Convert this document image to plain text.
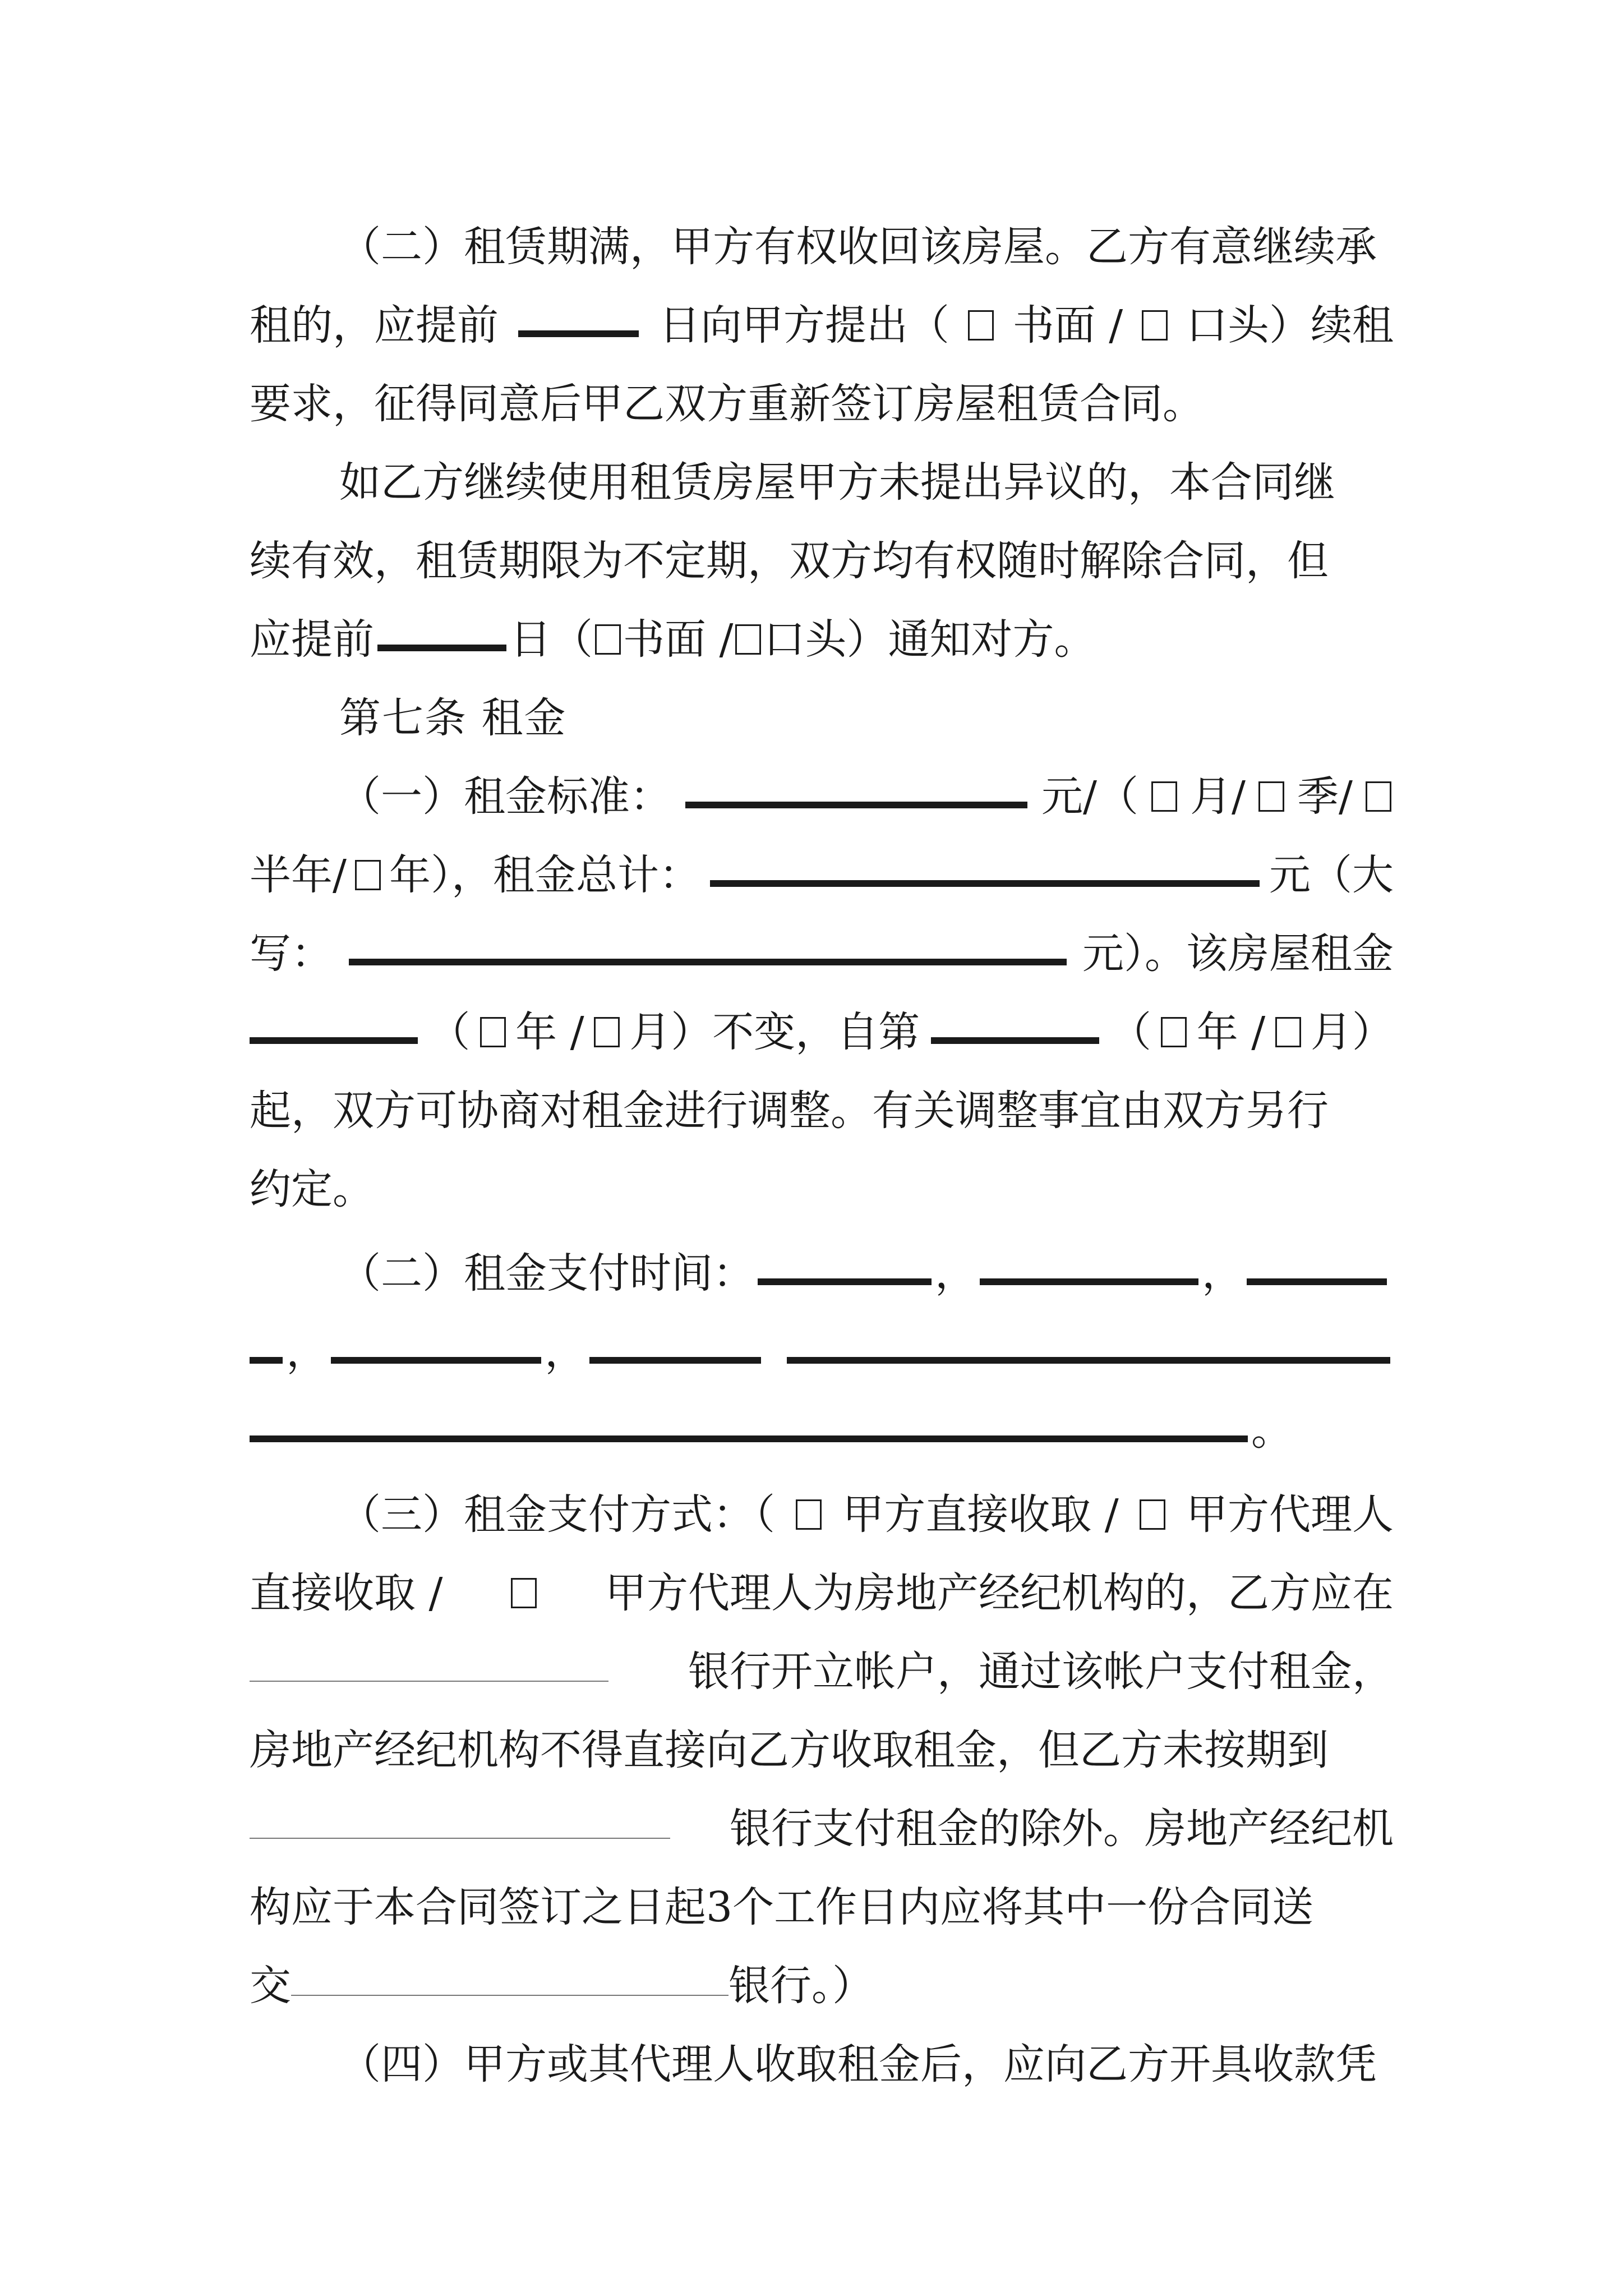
（二）租赁期满，甲方有权收回该房屋。乙方有意继续承
租的，应提前	日向甲方提出（ 书面 / 口头）续租
要求，征得同意后甲乙双方重新签订房屋租赁合同。
如乙方继续使用租赁房屋甲方未提出异议的，本合同继
续有效，租赁期限为不定期，双方均有权随时解除合同，但
应提前	日（ 书面 / 口头）通知对方。
第七条 租金
（一）租金标准：	元/（ 月/ 季/
半年/ 年），租金总计：	元（大
写：	元）。该房屋租金
（ 年 / 月）不变，自第	（ 年 / 月）
起，双方可协商对租金进行调整。有关调整事宜由双方另行
约定。
（二）租金支付时间：	，	，
，	，
。
（三）租金支付方式：（ 甲方直接收取 / 甲方代理人
直接收取 /	甲方代理人为房地产经纪机构的，乙方应在
银行开立帐户，通过该帐户支付租金，
房地产经纪机构不得直接向乙方收取租金，但乙方未按期到
银行支付租金的除外。房地产经纪机
构应于本合同签订之日起3个工作日内应将其中一份合同送
交	银行。）
（四）甲方或其代理人收取租金后，应向乙方开具收款凭
